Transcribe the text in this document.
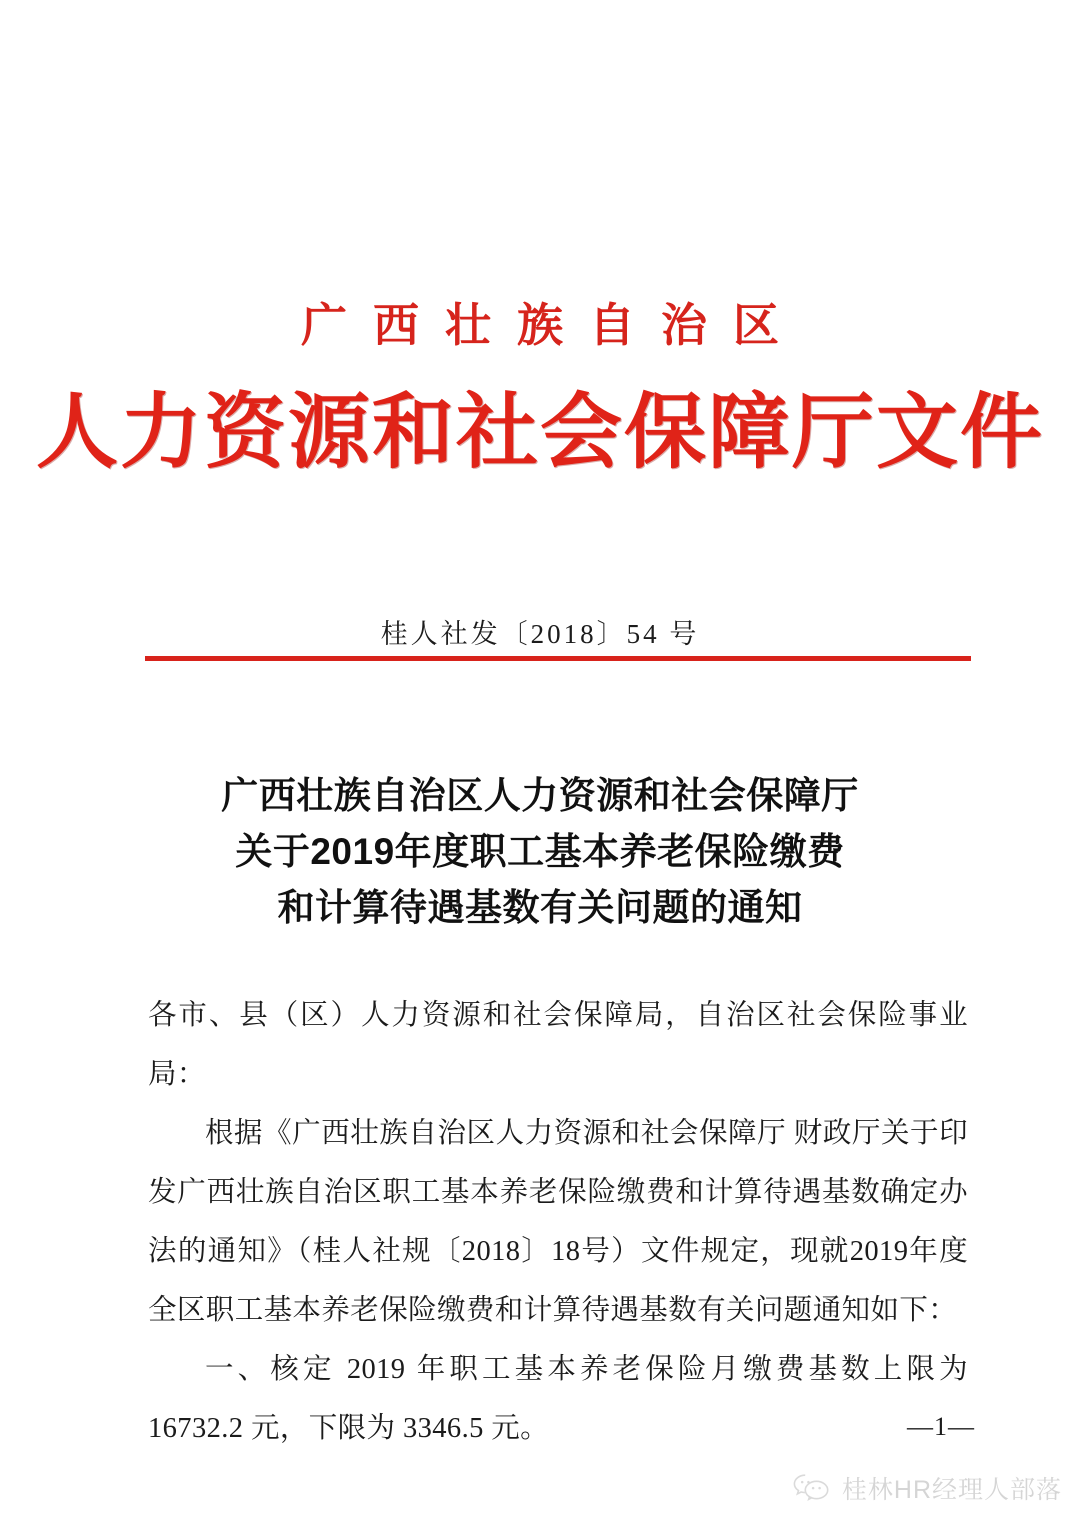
广西壮族自治区
人力资源和社会保障厅文件
桂人社发〔2018〕54 号
广西壮族自治区人力资源和社会保障厅
关于2019年度职工基本养老保险缴费
和计算待遇基数有关问题的通知

各市、县（区）人力资源和社会保障局，自治区社会保险事业局：

根据《广西壮族自治区人力资源和社会保障厅 财政厅关于印发广西壮族自治区职工基本养老保险缴费和计算待遇基数确定办法的通知》（桂人社规〔2018〕18号）文件规定，现就2019年度全区职工基本养老保险缴费和计算待遇基数有关问题通知如下：

一、核定 2019 年职工基本养老保险月缴费基数上限为 16732.2 元，下限为 3346.5 元。	—1—
桂林HR经理人部落
